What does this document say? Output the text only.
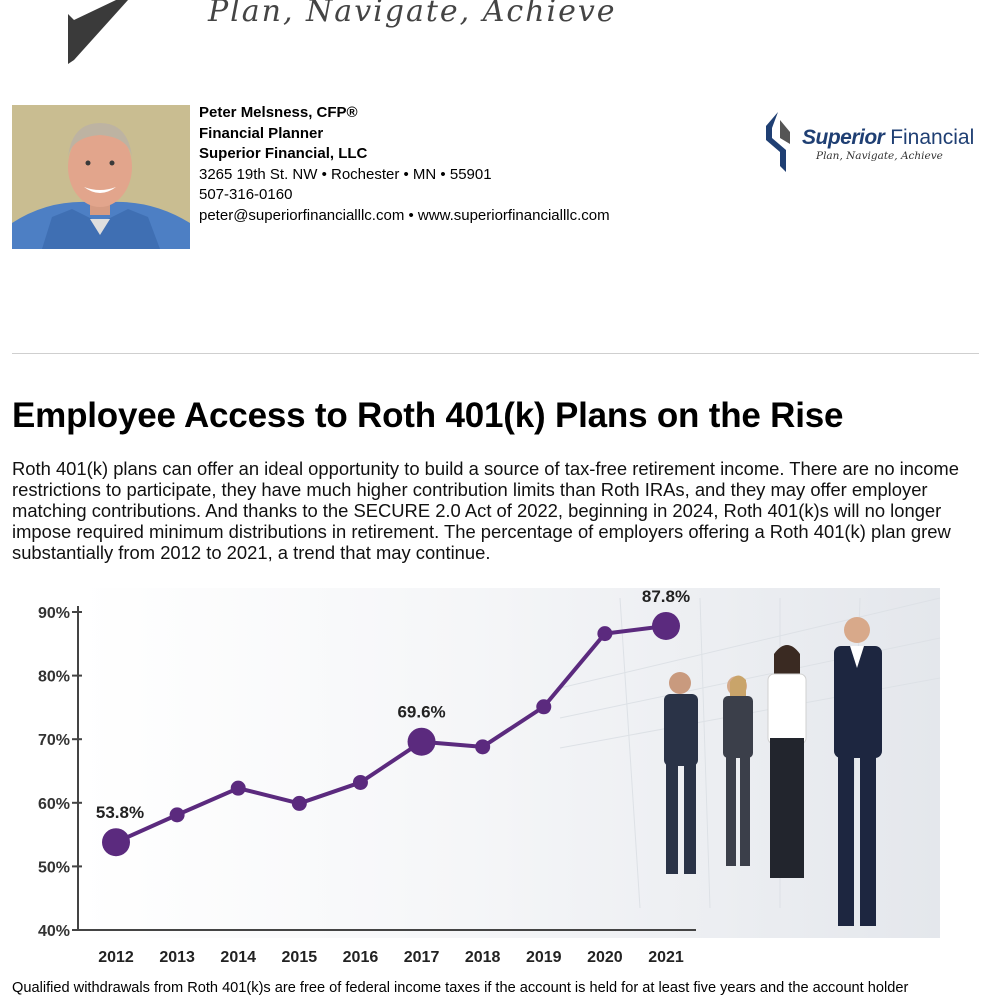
Plan, Navigate, Achieve
Peter Melsness, CFP®
Financial Planner
Superior Financial, LLC
3265 19th St. NW • Rochester • MN • 55901
507-316-0160
peter@superiorfinancialllc.com • www.superiorfinancialllc.com
Superior Financial
Plan, Navigate, Achieve
Employee Access to Roth 401(k) Plans on the Rise

Roth 401(k) plans can offer an ideal opportunity to build a source of tax-free retirement income. There are no income restrictions to participate, they have much higher contribution limits than Roth IRAs, and they may offer employer matching contributions. And thanks to the SECURE 2.0 Act of 2022, beginning in 2024, Roth 401(k)s will no longer impose required minimum distributions in retirement. The percentage of employers offering a Roth 401(k) plan grew substantially from 2012 to 2021, a trend that may continue.

40%
50%
60%
70%
80%
90%
2012 2013 2014 2015 2016 2017 2018 2019 2020 2021
53.8%
69.6%
87.8%

Qualified withdrawals from Roth 401(k)s are free of federal income taxes if the account is held for at least five years and the account holder
